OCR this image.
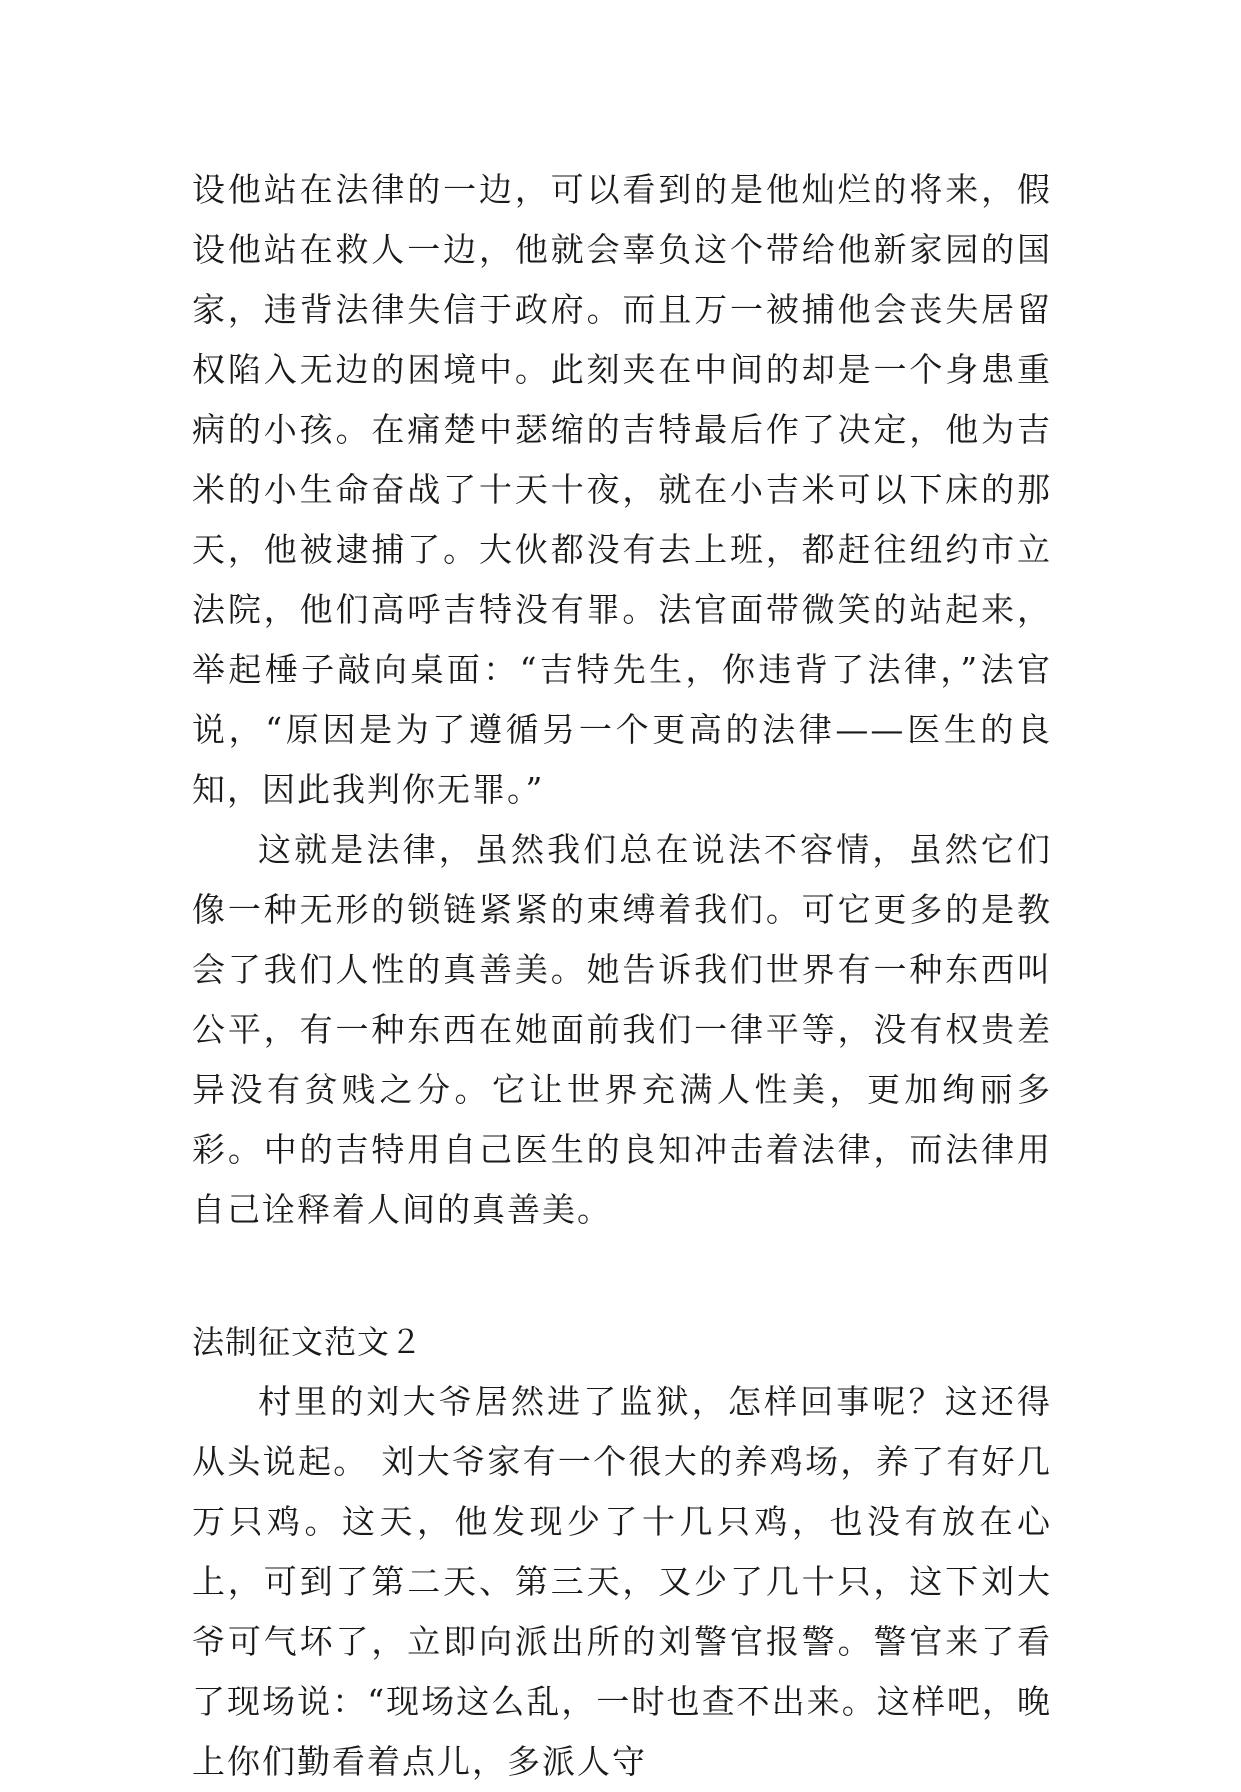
设他站在法律的一边，可以看到的是他灿烂的将来，假设他站在救人一边，他就会辜负这个带给他新家园的国家，违背法律失信于政府。而且万一被捕他会丧失居留权陷入无边的困境中。此刻夹在中间的却是一个身患重病的小孩。在痛楚中瑟缩的吉特最后作了决定，他为吉米的小生命奋战了十天十夜，就在小吉米可以下床的那天，他被逮捕了。大伙都没有去上班，都赶往纽约市立法院，他们高呼吉特没有罪。法官面带微笑的站起来，举起棰子敲向桌面：“吉特先生，你违背了法律，”法官说，“原因是为了遵循另一个更高的法律——医生的良知，因此我判你无罪。”

这就是法律，虽然我们总在说法不容情，虽然它们像一种无形的锁链紧紧的束缚着我们。可它更多的是教会了我们人性的真善美。她告诉我们世界有一种东西叫公平，有一种东西在她面前我们一律平等，没有权贵差异没有贫贱之分。它让世界充满人性美，更加绚丽多彩。中的吉特用自己医生的良知冲击着法律，而法律用自己诠释着人间的真善美。

法制征文范文２

村里的刘大爷居然进了监狱，怎样回事呢？这还得从头说起。 刘大爷家有一个很大的养鸡场，养了有好几万只鸡。这天，他发现少了十几只鸡，也没有放在心上，可到了第二天、第三天，又少了几十只，这下刘大爷可气坏了，立即向派出所的刘警官报警。警官来了看了现场说：“现场这么乱，一时也查不出来。这样吧，晚上你们勤看着点儿，多派人守
